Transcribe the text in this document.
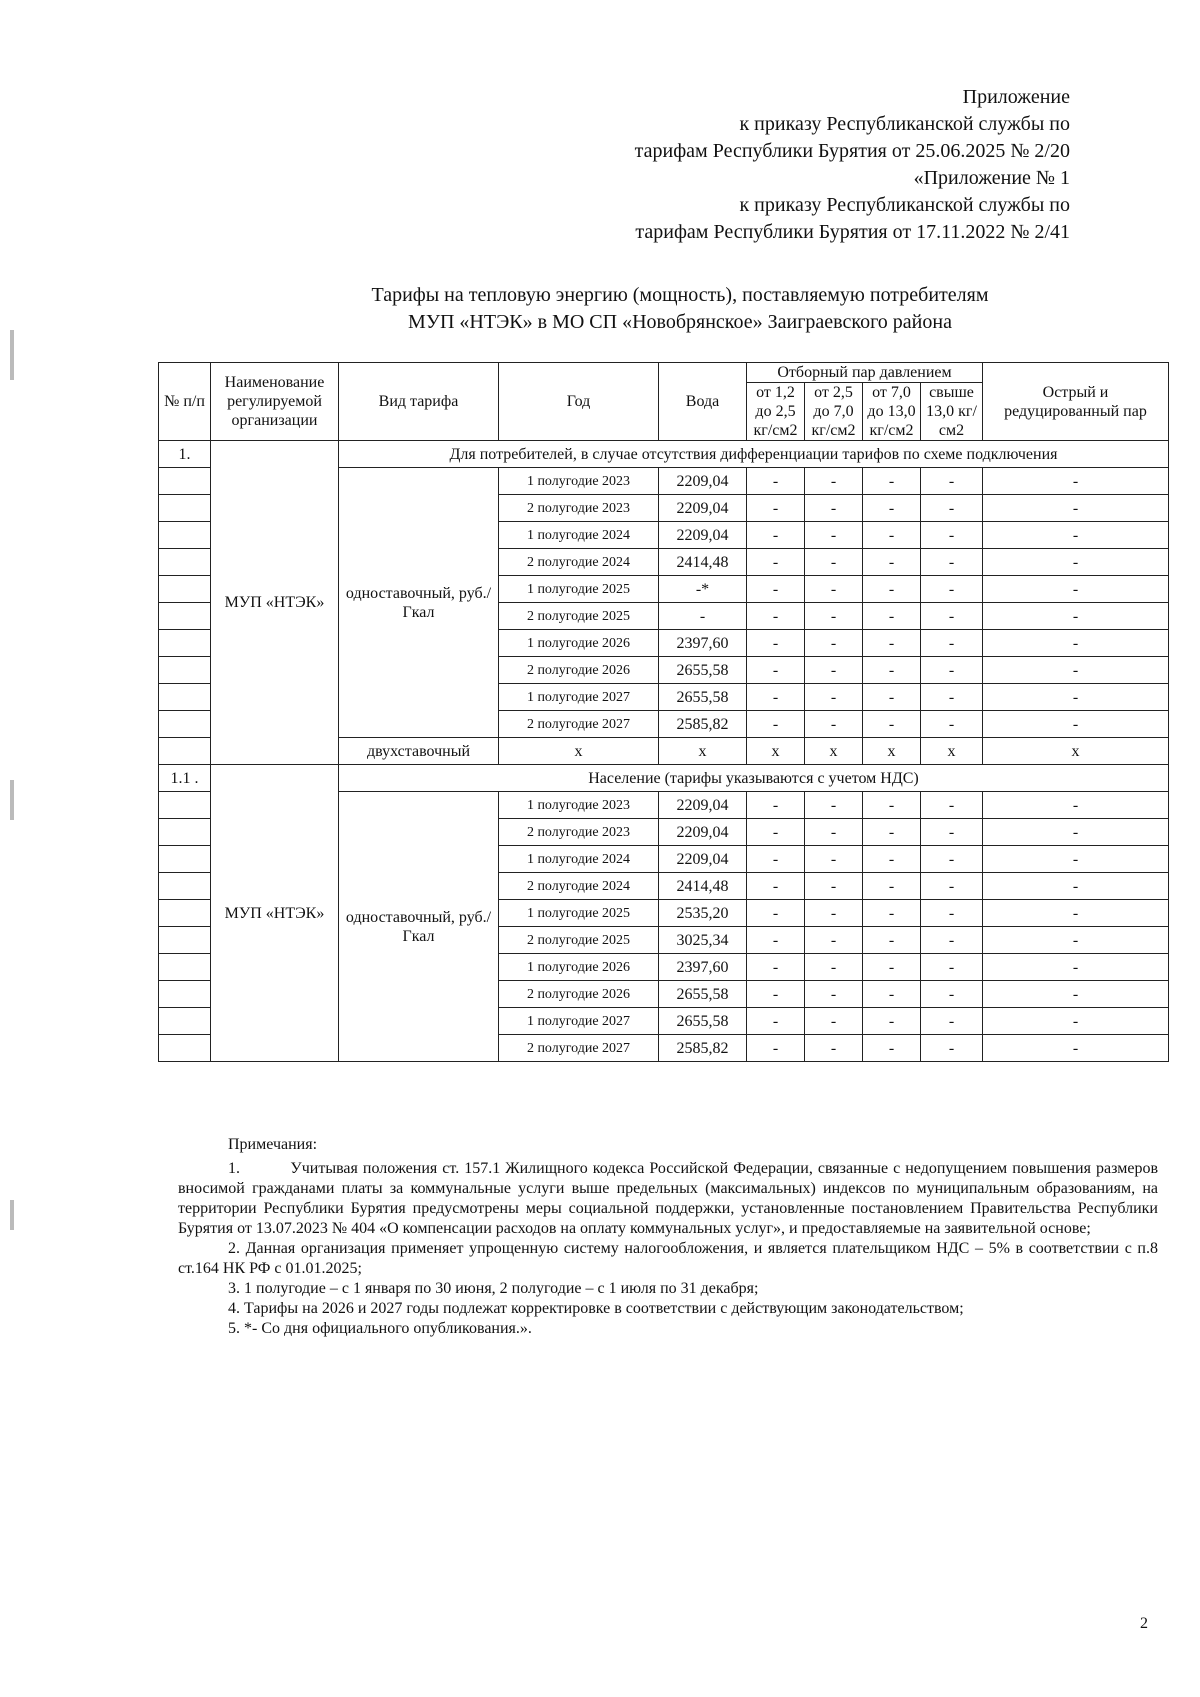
Приложение
к приказу Республиканской службы по
тарифам Республики Бурятия от 25.06.2025 № 2/20
«Приложение № 1
к приказу Республиканской службы по
тарифам Республики Бурятия от 17.11.2022 № 2/41
Тарифы на тепловую энергию (мощность), поставляемую потребителям
МУП «НТЭК» в МО СП «Новобрянское» Заиграевского района
№ п/п	Наименование регулируемой организации	Вид тарифа	Год	Вода	Отборный пар давлением				Острый и редуцированный пар
					от 1,2 до 2,5 кг/см2	от 2,5 до 7,0 кг/см2	от 7,0 до 13,0 кг/см2	свыше 13,0 кг/см2	
1.	МУП «НТЭК»	Для потребителей, в случае отсутствия дифференциации тарифов по схеме подключения							
		одноставочный, руб./Гкал	1 полугодие 2023	2209,04	-	-	-	-	-
			2 полугодие 2023	2209,04	-	-	-	-	-
			1 полугодие 2024	2209,04	-	-	-	-	-
			2 полугодие 2024	2414,48	-	-	-	-	-
			1 полугодие 2025	-*	-	-	-	-	-
			2 полугодие 2025	-	-	-	-	-	-
			1 полугодие 2026	2397,60	-	-	-	-	-
			2 полугодие 2026	2655,58	-	-	-	-	-
			1 полугодие 2027	2655,58	-	-	-	-	-
			2 полугодие 2027	2585,82	-	-	-	-	-
		двухставочный	х	х	х	х	х	х	х
1.1 .	МУП «НТЭК»	Население (тарифы указываются с учетом НДС)							
		одноставочный, руб./Гкал	1 полугодие 2023	2209,04	-	-	-	-	-
			2 полугодие 2023	2209,04	-	-	-	-	-
			1 полугодие 2024	2209,04	-	-	-	-	-
			2 полугодие 2024	2414,48	-	-	-	-	-
			1 полугодие 2025	2535,20	-	-	-	-	-
			2 полугодие 2025	3025,34	-	-	-	-	-
			1 полугодие 2026	2397,60	-	-	-	-	-
			2 полугодие 2026	2655,58	-	-	-	-	-
			1 полугодие 2027	2655,58	-	-	-	-	-
			2 полугодие 2027	2585,82	-	-	-	-	-
Примечания:

1.          Учитывая положения ст. 157.1 Жилищного кодекса Российской Федерации, связанные с недопущением повышения размеров вносимой гражданами платы за коммунальные услуги выше предельных (максимальных) индексов по муниципальным образованиям, на территории Республики Бурятия предусмотрены меры социальной поддержки, установленные постановлением Правительства Республики Бурятия от 13.07.2023 № 404 «О компенсации расходов на оплату коммунальных услуг», и предоставляемые на заявительной основе;

2. Данная организация применяет упрощенную систему налогообложения, и является плательщиком НДС – 5% в соответствии с п.8 ст.164 НК РФ с 01.01.2025;

3. 1 полугодие – с 1 января по 30 июня, 2 полугодие – с 1 июля по 31 декабря;

4. Тарифы на 2026 и 2027 годы подлежат корректировке в соответствии с действующим законодательством;

5. *- Со дня официального опубликования.».

2
